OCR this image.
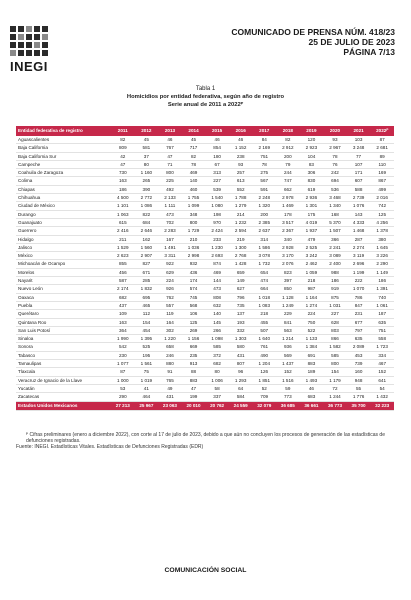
INEGI
COMUNICADO DE PRENSA NÚM. 418/23
25 DE JULIO DE 2023
PÁGINA 7/13
Tabla 1
Homicidios por entidad federativa, según año de registro
Serie anual de 2011 a 2022ᴾ
Entidad federativa de registro	2011	2012	2013	2014	2015	2016	2017	2018	2019	2020	2021	2022ᴾ
Aguascalientes	82	45	46	45	46	46	84	82	120	93	103	87
Baja California	809	581	767	717	854	1 152	2 169	2 912	2 923	2 967	3 248	2 681
Baja California Sur	42	37	47	82	180	238	751	200	104	78	77	89
Campeche	47	80	71	78	67	93	78	79	83	76	107	110
Coahuila de Zaragoza	730	1 160	800	469	313	257	275	244	306	242	171	169
Colima	163	265	225	140	227	613	567	747	830	694	607	867
Chiapas	186	390	492	460	539	552	591	662	619	536	588	499
Chihuahua	4 500	2 772	2 133	1 755	1 540	1 788	2 248	2 978	2 936	3 468	2 739	2 016
Ciudad de México	1 101	1 086	1 111	1 099	1 080	1 279	1 320	1 469	1 301	1 340	1 076	742
Durango	1 063	822	473	348	198	214	200	178	175	168	143	125
Guanajuato	615	684	702	800	970	1 232	2 385	3 517	4 019	5 370	4 333	4 256
Guerrero	2 416	2 646	2 283	1 729	2 424	2 594	2 637	2 367	1 937	1 507	1 468	1 378
Hidalgo	211	162	167	210	233	219	314	340	479	366	287	380
Jalisco	1 529	1 560	1 491	1 036	1 230	1 300	1 586	2 928	2 525	2 241	2 274	1 645
México	2 623	2 907	3 311	2 998	2 693	2 768	3 078	3 170	3 242	3 089	3 119	3 226
Michoacán de Ocampo	855	827	922	932	874	1 428	1 732	2 076	2 462	2 400	2 696	2 290
Morelos	456	671	629	436	469	659	654	823	1 059	988	1 199	1 149
Nayarit	587	285	224	174	144	149	474	397	218	186	222	186
Nuevo León	2 174	1 832	926	574	473	627	664	850	987	919	1 070	1 391
Oaxaca	682	695	762	745	808	796	1 018	1 128	1 164	875	786	740
Puebla	437	465	557	568	632	735	1 083	1 249	1 274	1 031	847	1 061
Querétaro	109	112	119	106	140	137	218	229	224	227	231	187
Quintana Roo	163	154	164	125	145	193	455	841	750	628	677	635
San Luis Potosí	364	454	302	269	266	332	507	563	522	803	797	751
Sinaloa	1 990	1 395	1 220	1 156	1 098	1 303	1 640	1 214	1 133	866	635	558
Sonora	542	525	658	669	585	580	761	936	1 384	1 582	2 089	1 723
Tabasco	230	195	246	235	372	431	490	569	691	585	453	334
Tamaulipas	1 077	1 561	880	913	682	807	1 204	1 437	883	800	739	467
Tlaxcala	87	75	91	88	80	96	126	152	189	154	160	152
Veracruz de Ignacio de la Llave	1 000	1 019	765	883	1 006	1 293	1 851	1 516	1 493	1 179	948	641
Yucatán	53	41	49	47	58	64	52	59	46	72	55	54
Zacatecas	290	464	431	199	337	584	709	773	683	1 244	1 776	1 432
Estados Unidos Mexicanos	27 213	25 967	23 063	20 010	20 762	24 559	32 079	36 685	36 661	36 773	35 700	32 223
ᴾ Cifras preliminares (enero a diciembre 2022), con corte al 17 de julio de 2023, debido a que aún no concluyen los procesos de generación de las estadísticas de defunciones registradas.
Fuente: INEGI. Estadísticas Vitales. Estadísticas de Defunciones Registradas (EDR)
COMUNICACIÓN SOCIAL
